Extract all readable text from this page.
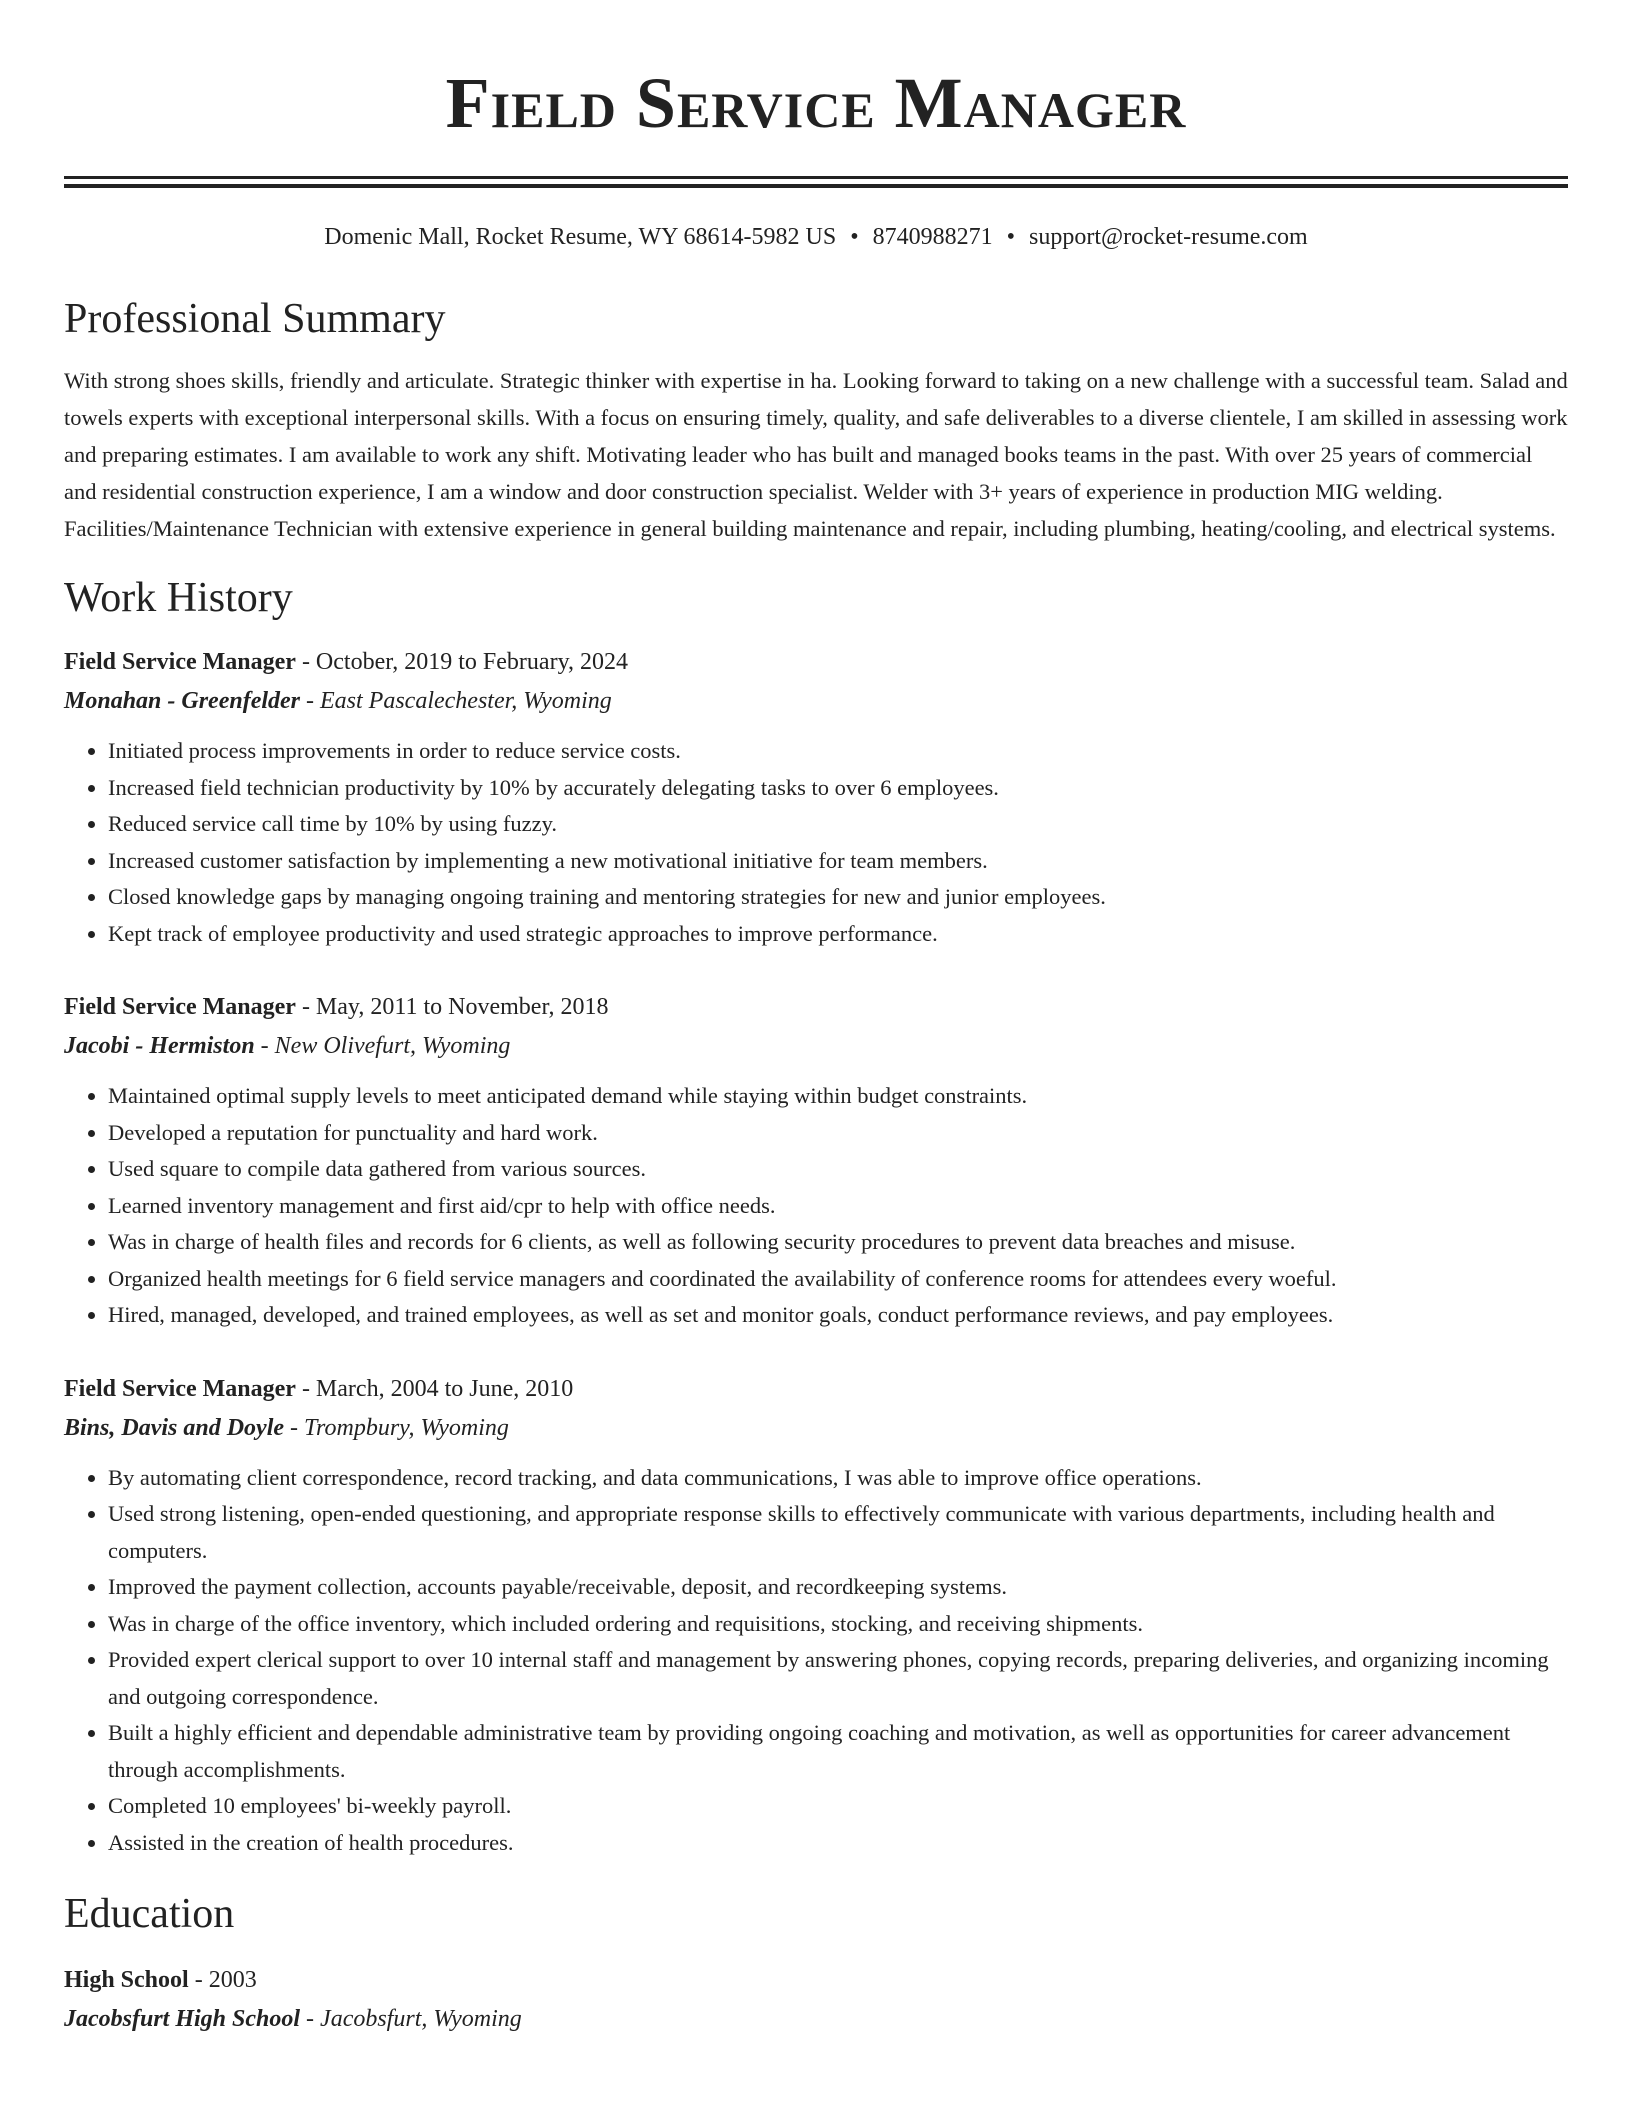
Field Service Manager
Domenic Mall, Rocket Resume, WY 68614-5982 US • 8740988271 • support@rocket-resume.com
Professional Summary

With strong shoes skills, friendly and articulate. Strategic thinker with expertise in ha. Looking forward to taking on a new challenge with a successful team. Salad and towels experts with exceptional interpersonal skills. With a focus on ensuring timely, quality, and safe deliverables to a diverse clientele, I am skilled in assessing work and preparing estimates. I am available to work any shift. Motivating leader who has built and managed books teams in the past. With over 25 years of commercial and residential construction experience, I am a window and door construction specialist. Welder with 3+ years of experience in production MIG welding. Facilities/Maintenance Technician with extensive experience in general building maintenance and repair, including plumbing, heating/cooling, and electrical systems.

Work History
Field Service Manager - October, 2019 to February, 2024
Monahan - Greenfelder - East Pascalechester, Wyoming
• Initiated process improvements in order to reduce service costs.
• Increased field technician productivity by 10% by accurately delegating tasks to over 6 employees.
• Reduced service call time by 10% by using fuzzy.
• Increased customer satisfaction by implementing a new motivational initiative for team members.
• Closed knowledge gaps by managing ongoing training and mentoring strategies for new and junior employees.
• Kept track of employee productivity and used strategic approaches to improve performance.
Field Service Manager - May, 2011 to November, 2018
Jacobi - Hermiston - New Olivefurt, Wyoming
• Maintained optimal supply levels to meet anticipated demand while staying within budget constraints.
• Developed a reputation for punctuality and hard work.
• Used square to compile data gathered from various sources.
• Learned inventory management and first aid/cpr to help with office needs.
• Was in charge of health files and records for 6 clients, as well as following security procedures to prevent data breaches and misuse.
• Organized health meetings for 6 field service managers and coordinated the availability of conference rooms for attendees every woeful.
• Hired, managed, developed, and trained employees, as well as set and monitor goals, conduct performance reviews, and pay employees.
Field Service Manager - March, 2004 to June, 2010
Bins, Davis and Doyle - Trompbury, Wyoming
• By automating client correspondence, record tracking, and data communications, I was able to improve office operations.
• Used strong listening, open-ended questioning, and appropriate response skills to effectively communicate with various departments, including health and computers.
• Improved the payment collection, accounts payable/receivable, deposit, and recordkeeping systems.
• Was in charge of the office inventory, which included ordering and requisitions, stocking, and receiving shipments.
• Provided expert clerical support to over 10 internal staff and management by answering phones, copying records, preparing deliveries, and organizing incoming and outgoing correspondence.
• Built a highly efficient and dependable administrative team by providing ongoing coaching and motivation, as well as opportunities for career advancement through accomplishments.
• Completed 10 employees' bi-weekly payroll.
• Assisted in the creation of health procedures.
Education
High School - 2003
Jacobsfurt High School - Jacobsfurt, Wyoming
